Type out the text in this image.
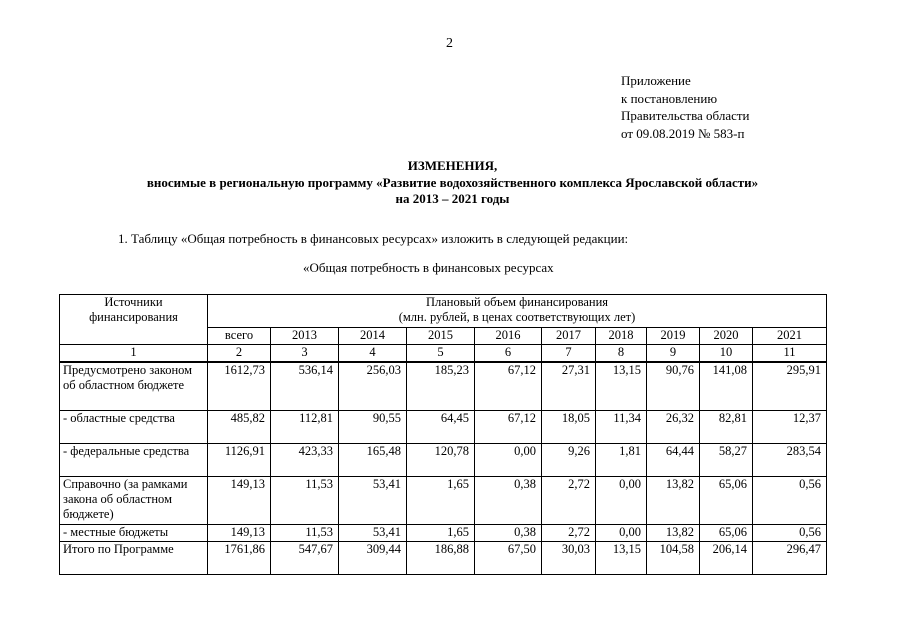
2
Приложение
к постановлению
Правительства области
от 09.08.2019 № 583-п
ИЗМЕНЕНИЯ,
вносимые в региональную программу «Развитие водохозяйственного комплекса Ярославской области»
на 2013 – 2021 годы
1. Таблицу «Общая потребность в финансовых ресурсах» изложить в следующей редакции:
«Общая потребность в финансовых ресурсах
Источники финансирования	Плановый объем финансирования
(млн. рублей, в ценах соответствующих лет)									

	всего	2013	2014	2015	2016	2017	2018	2019	2020	2021
1	2	3	4	5	6	7	8	9	10	11
Предусмотрено законом об областном бюджете	1612,73	536,14	256,03	185,23	67,12	27,31	13,15	90,76	141,08	295,91
- областные средства	485,82	112,81	90,55	64,45	67,12	18,05	11,34	26,32	82,81	12,37
- федеральные средства	1126,91	423,33	165,48	120,78	0,00	9,26	1,81	64,44	58,27	283,54
Справочно (за рамками закона об областном бюджете)	149,13	11,53	53,41	1,65	0,38	2,72	0,00	13,82	65,06	0,56
- местные бюджеты	149,13	11,53	53,41	1,65	0,38	2,72	0,00	13,82	65,06	0,56
Итого по Программе	1761,86	547,67	309,44	186,88	67,50	30,03	13,15	104,58	206,14	296,47
